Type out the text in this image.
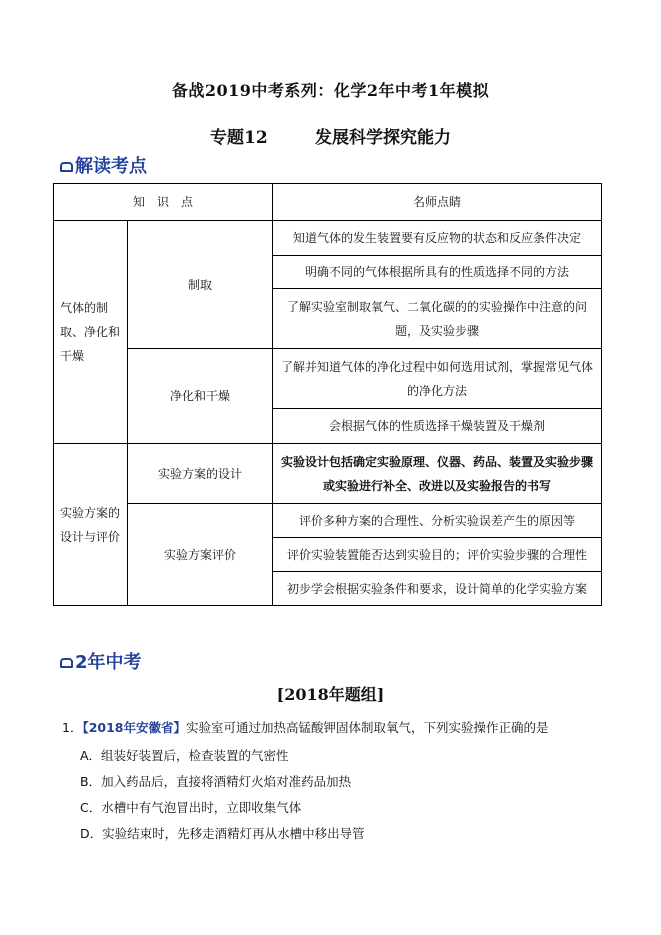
备战2019中考系列：化学2年中考1年模拟
专题12        发展科学探究能力
解读考点
知　识　点		名师点睛
气体的制取、净化和干燥	制取	知道气体的发生装置要有反应物的状态和反应条件决定
		明确不同的气体根据所具有的性质选择不同的方法
		了解实验室制取氧气、二氧化碳的的实验操作中注意的问题，及实验步骤
	净化和干燥	了解并知道气体的净化过程中如何选用试剂，掌握常见气体的净化方法
		会根据气体的性质选择干燥装置及干燥剂
实验方案的设计与评价	实验方案的设计	实验设计包括确定实验原理、仪器、药品、装置及实验步骤或实验进行补全、改进以及实验报告的书写
	实验方案评价	评价多种方案的合理性、分析实验误差产生的原因等
		评价实验装置能否达到实验目的；评价实验步骤的合理性
		初步学会根据实验条件和要求，设计简单的化学实验方案
2年中考
[2018年题组]
1．【2018年安徽省】实验室可通过加热高锰酸钾固体制取氧气，下列实验操作正确的是
A．组装好装置后，检查装置的气密性
B．加入药品后，直接将酒精灯火焰对准药品加热
C．水槽中有气泡冒出时，立即收集气体
D．实验结束时，先移走酒精灯再从水槽中移出导管
